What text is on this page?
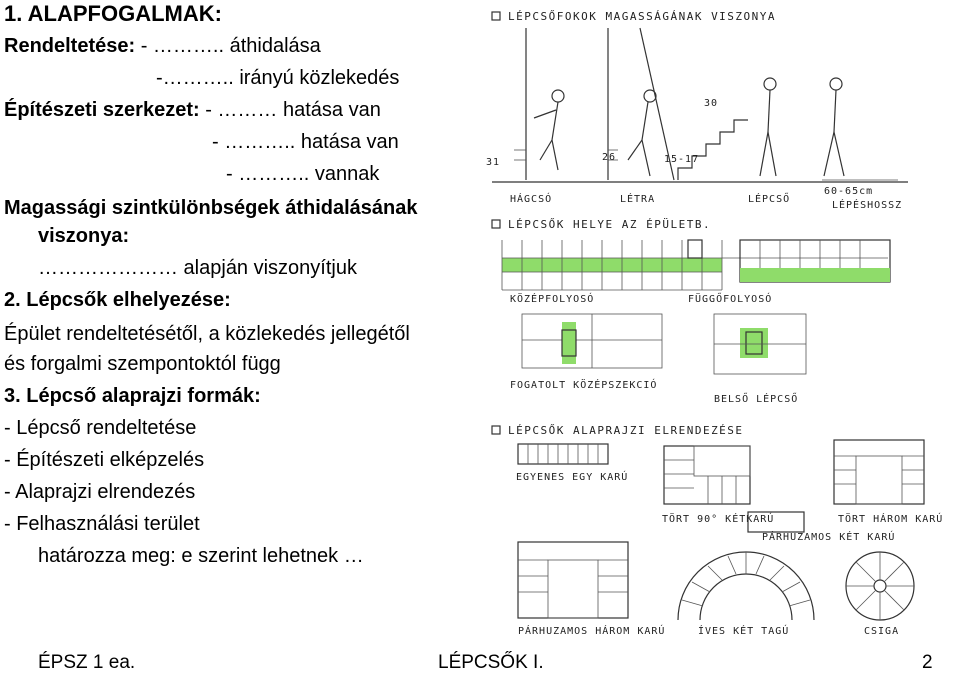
1. ALAPFOGALMAK:
Rendeltetése: - ……….. áthidalása
-……….. irányú közlekedés
Építészeti szerkezet: - ……… hatása van
- ……….. hatása van
- ……….. vannak
Magassági szintkülönbségek áthidalásának
viszonya:
………………… alapján viszonyítjuk
2. Lépcsők elhelyezése:
Épület rendeltetésétől, a közlekedés jellegétől
és forgalmi szempontoktól függ
3. Lépcső alaprajzi formák:
- Lépcső rendeltetése
- Építészeti elképzelés
- Alaprajzi elrendezés
- Felhasználási terület
határozza meg: e szerint lehetnek …
LÉPCSŐFOKOK MAGASSÁGÁNAK VISZONYA
31	26
30
15-17
60-65cm
HÁGCSÓ	LÉTRA	LÉPCSŐ
LÉPÉSHOSSZ
LÉPCSŐK HELYE AZ ÉPÜLETB.
KÖZÉPFOLYOSÓ	FÜGGŐFOLYOSÓ
FOGATOLT KÖZÉPSZEKCIÓ
BELSŐ LÉPCSŐ
LÉPCSŐK ALAPRAJZI ELRENDEZÉSE
EGYENES EGY KARÚ
TÖRT 90° KÉTKARÚ	TÖRT HÁROM KARÚ
PÁRHUZAMOS KÉT KARÚ
PÁRHUZAMOS HÁROM KARÚ	ÍVES KÉT TAGÚ	CSIGA
ÉPSZ 1 ea.	LÉPCSŐK I.	2
